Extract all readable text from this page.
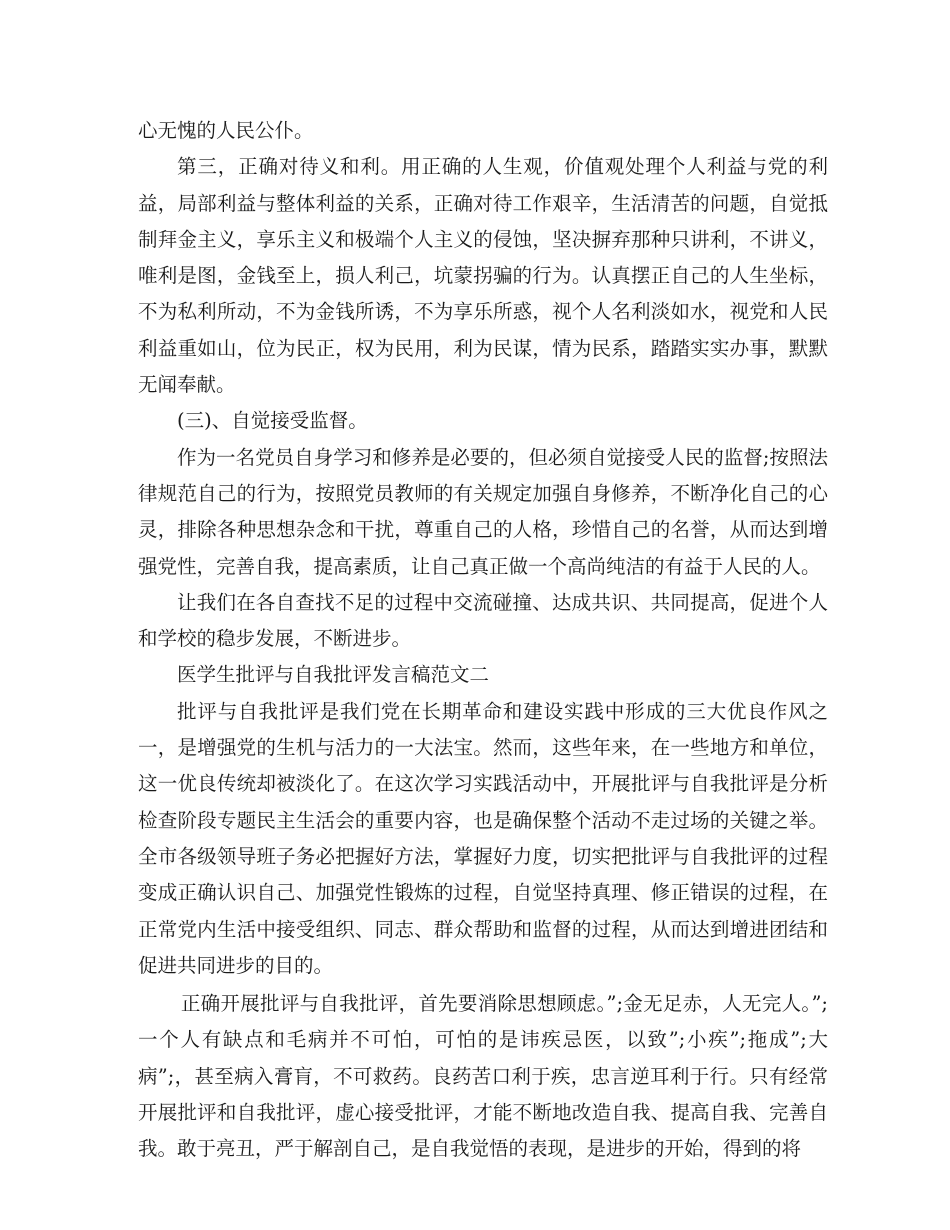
心无愧的人民公仆。

第三，正确对待义和利。用正确的人生观，价值观处理个人利益与党的利益，局部利益与整体利益的关系，正确对待工作艰辛，生活清苦的问题，自觉抵制拜金主义，享乐主义和极端个人主义的侵蚀，坚决摒弃那种只讲利，不讲义，唯利是图，金钱至上，损人利己，坑蒙拐骗的行为。认真摆正自己的人生坐标，不为私利所动，不为金钱所诱，不为享乐所惑，视个人名利淡如水，视党和人民利益重如山，位为民正，权为民用，利为民谋，情为民系，踏踏实实办事，默默无闻奉献。

(三)、自觉接受监督。

作为一名党员自身学习和修养是必要的，但必须自觉接受人民的监督;按照法律规范自己的行为，按照党员教师的有关规定加强自身修养，不断净化自己的心灵，排除各种思想杂念和干扰，尊重自己的人格，珍惜自己的名誉，从而达到增强党性，完善自我，提高素质，让自己真正做一个高尚纯洁的有益于人民的人。

让我们在各自查找不足的过程中交流碰撞、达成共识、共同提高，促进个人和学校的稳步发展，不断进步。

医学生批评与自我批评发言稿范文二

批评与自我批评是我们党在长期革命和建设实践中形成的三大优良作风之一，是增强党的生机与活力的一大法宝。然而，这些年来，在一些地方和单位，这一优良传统却被淡化了。在这次学习实践活动中，开展批评与自我批评是分析检查阶段专题民主生活会的重要内容，也是确保整个活动不走过场的关键之举。全市各级领导班子务必把握好方法，掌握好力度，切实把批评与自我批评的过程变成正确认识自己、加强党性锻炼的过程，自觉坚持真理、修正错误的过程，在正常党内生活中接受组织、同志、群众帮助和监督的过程，从而达到增进团结和促进共同进步的目的。

正确开展批评与自我批评，首先要消除思想顾虑。”;金无足赤，人无完人。”;一个人有缺点和毛病并不可怕，可怕的是讳疾忌医，以致”;小疾”;拖成”;大病”;，甚至病入膏肓，不可救药。良药苦口利于疾，忠言逆耳利于行。只有经常开展批评和自我批评，虚心接受批评，才能不断地改造自我、提高自我、完善自我。敢于亮丑，严于解剖自己，是自我觉悟的表现，是进步的开始，得到的将
